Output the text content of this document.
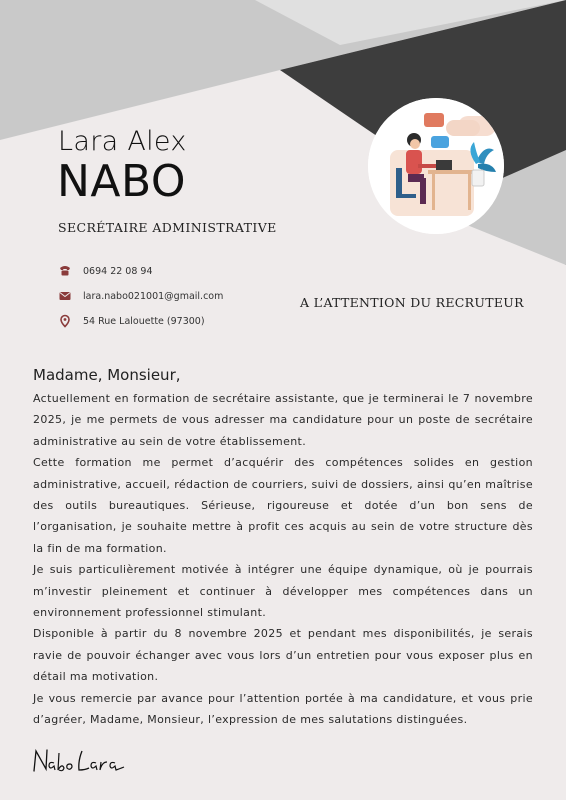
Lara Alex
NABO
SECRÉTAIRE ADMINISTRATIVE
0694 22 08 94
lara.nabo021001@gmail.com
54 Rue Lalouette (97300)
A L’ATTENTION DU RECRUTEUR
Madame, Monsieur,

Actuellement en formation de secrétaire assistante, que je terminerai le 7 novembre 2025, je me permets de vous adresser ma candidature pour un poste de secrétaire administrative au sein de votre établissement.

Cette formation me permet d’acquérir des compétences solides en gestion administrative, accueil, rédaction de courriers, suivi de dossiers, ainsi qu’en maîtrise des outils bureautiques. Sérieuse, rigoureuse et dotée d’un bon sens de l’organisation, je souhaite mettre à profit ces acquis au sein de votre structure dès la fin de ma formation.

Je suis particulièrement motivée à intégrer une équipe dynamique, où je pourrais m’investir pleinement et continuer à développer mes compétences dans un environnement professionnel stimulant.

Disponible à partir du 8 novembre 2025 et pendant mes disponibilités, je serais ravie de pouvoir échanger avec vous lors d’un entretien pour vous exposer plus en détail ma motivation.

Je vous remercie par avance pour l’attention portée à ma candidature, et vous prie d’agréer, Madame, Monsieur, l’expression de mes salutations distinguées.
